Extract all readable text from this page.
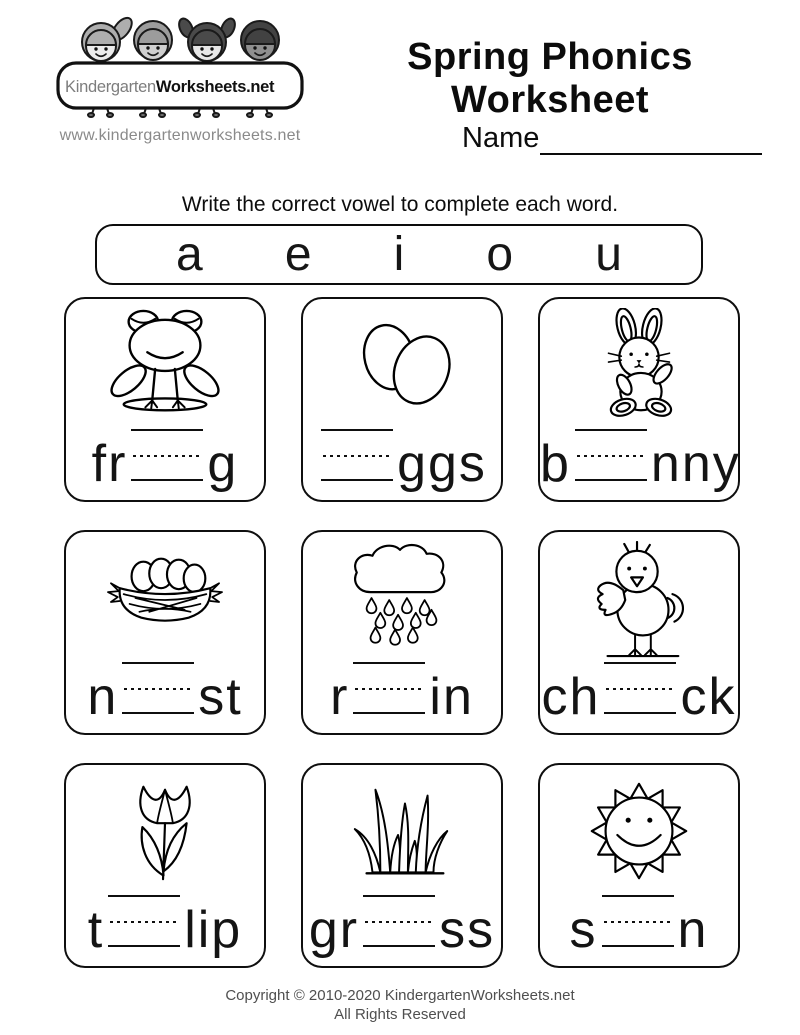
KindergartenWorksheets.net
www.kindergartenworksheets.net
Spring Phonics Worksheet
Name
Write the correct vowel to complete each word.
a e i o u
fr g	ggs b nny
n st	r in	ch ck
t lip	gr ss	s n
Copyright © 2010-2020 KindergartenWorksheets.net
All Rights Reserved
